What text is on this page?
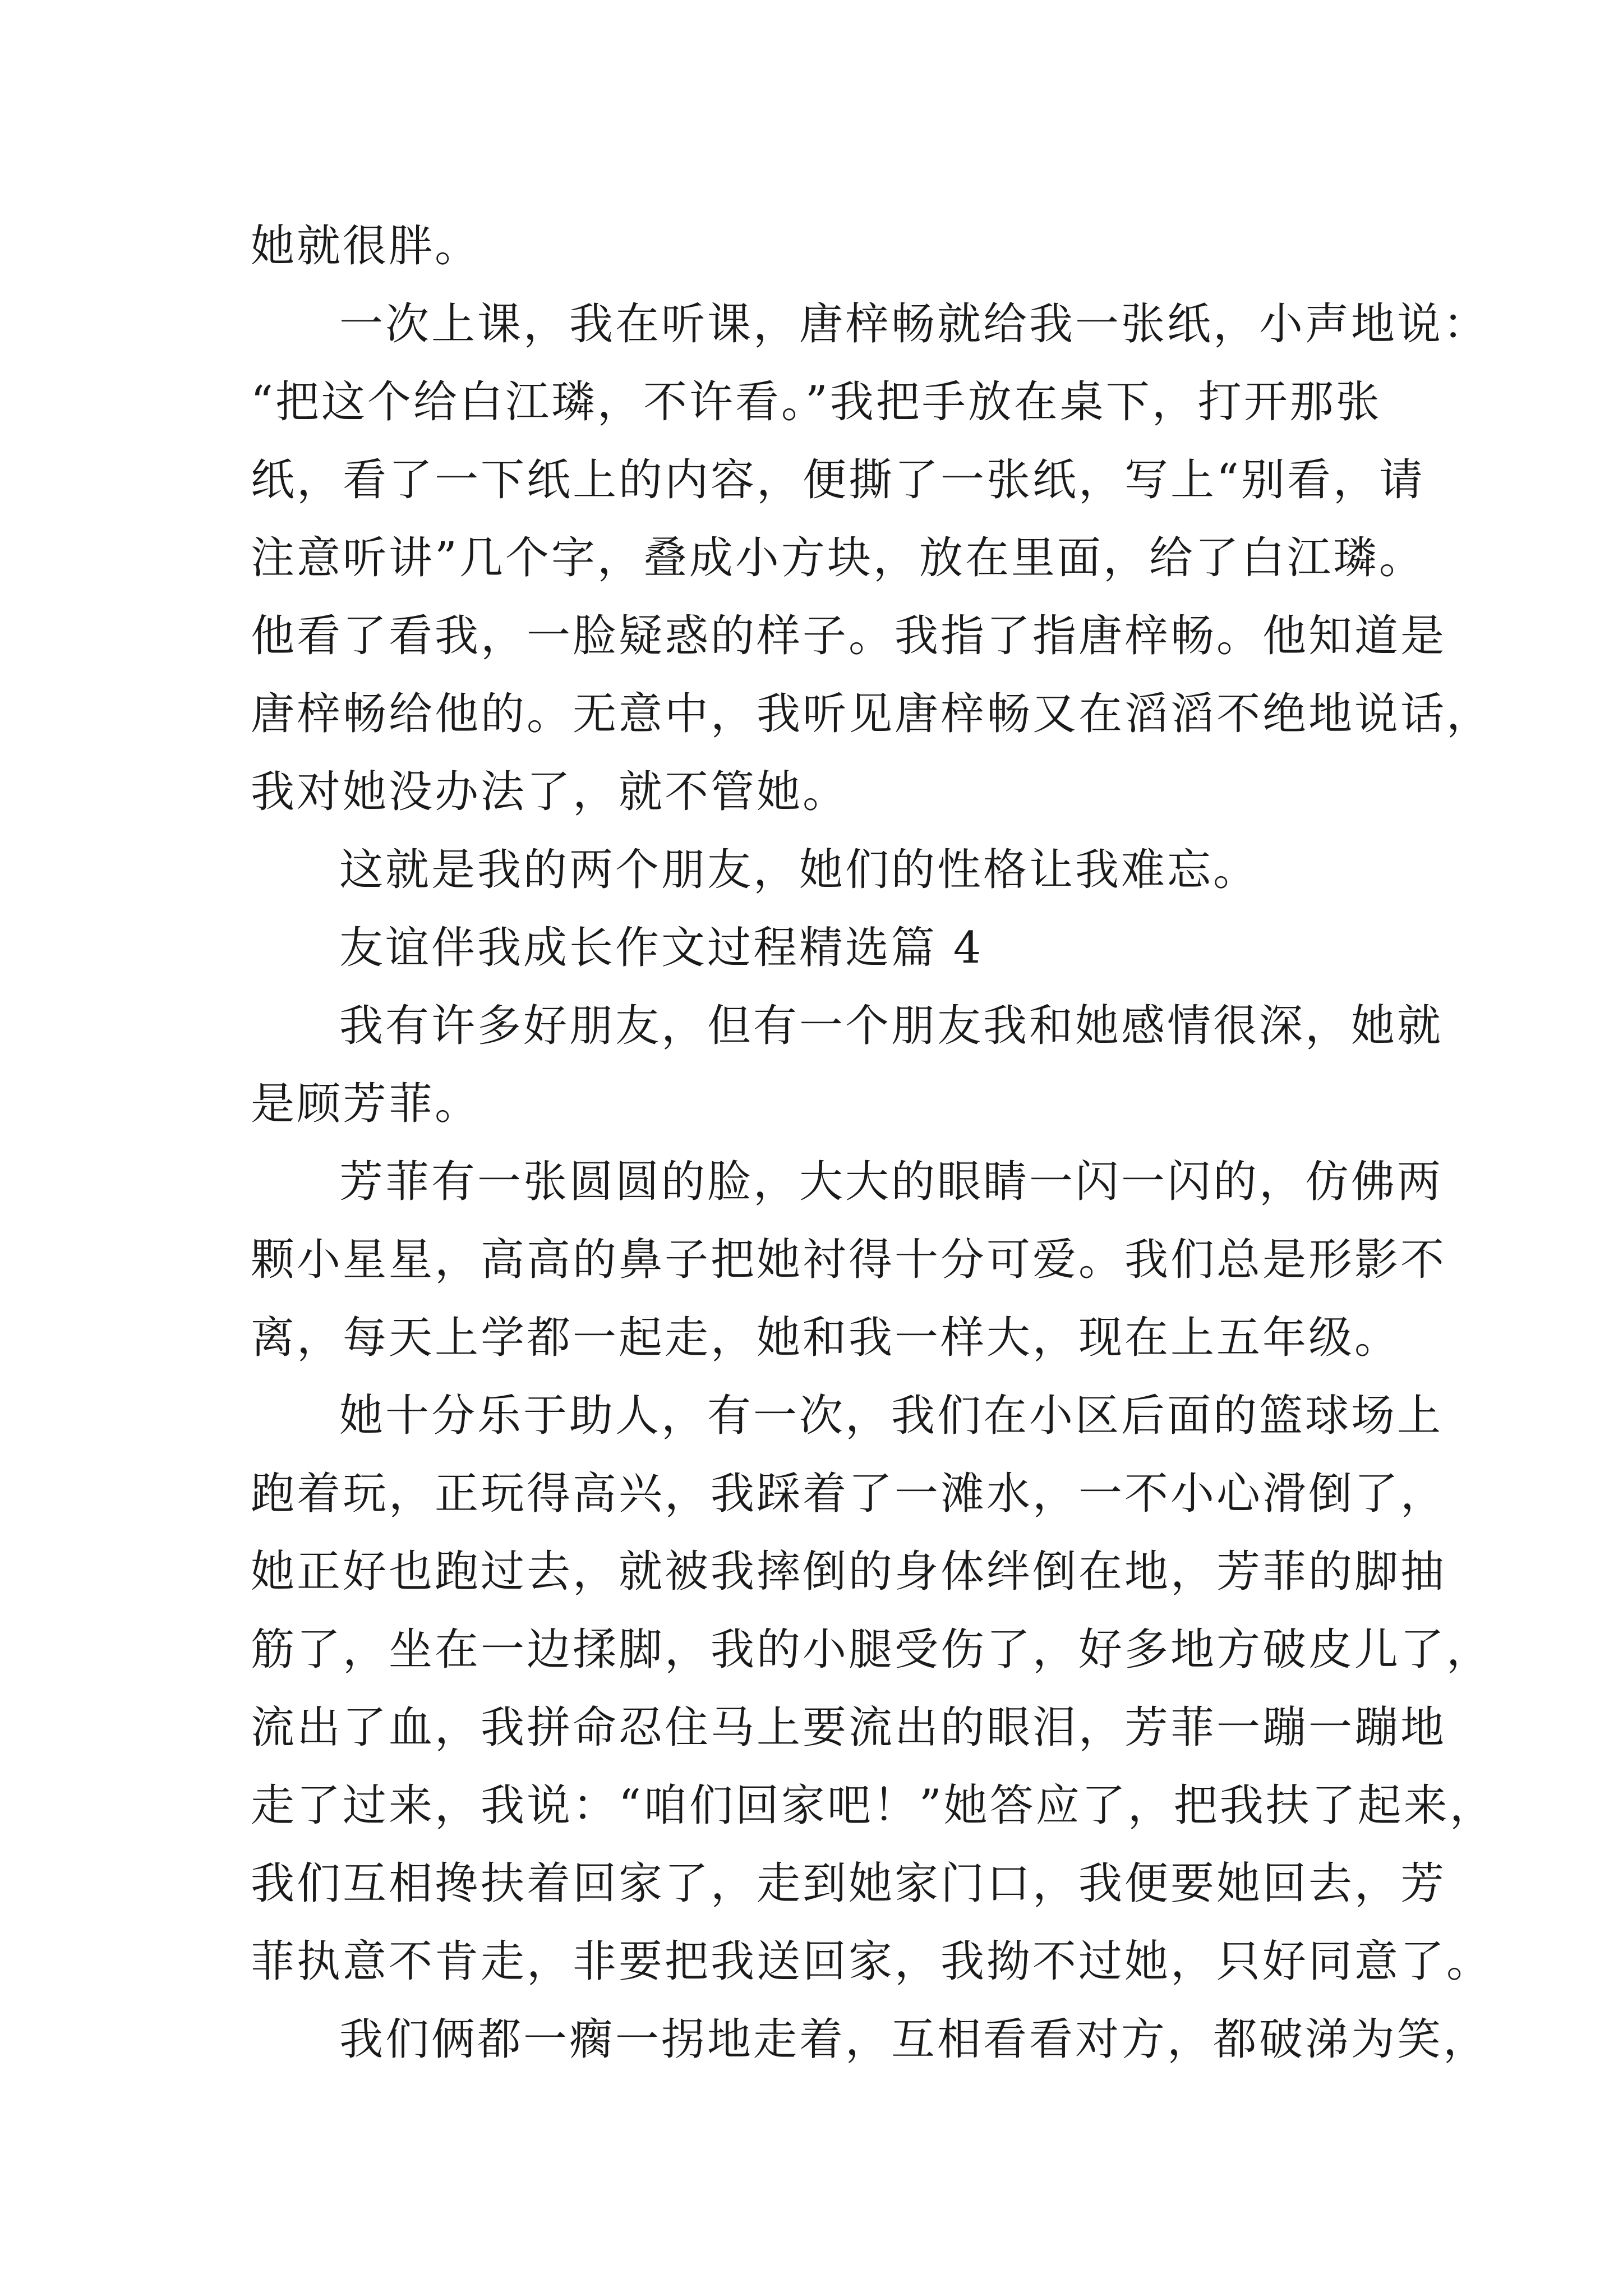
她就很胖。
一次上课，我在听课，唐梓畅就给我一张纸，小声地说：
“把这个给白江璘，不许看。”我把手放在桌下，打开那张
纸，看了一下纸上的内容，便撕了一张纸，写上“别看，请
注意听讲”几个字，叠成小方块，放在里面，给了白江璘。
他看了看我，一脸疑惑的样子。我指了指唐梓畅。他知道是
唐梓畅给他的。无意中，我听见唐梓畅又在滔滔不绝地说话，
我对她没办法了，就不管她。
这就是我的两个朋友，她们的性格让我难忘。
友谊伴我成长作文过程精选篇 4
我有许多好朋友，但有一个朋友我和她感情很深，她就
是顾芳菲。
芳菲有一张圆圆的脸，大大的眼睛一闪一闪的，仿佛两
颗小星星，高高的鼻子把她衬得十分可爱。我们总是形影不
离，每天上学都一起走，她和我一样大，现在上五年级。
她十分乐于助人，有一次，我们在小区后面的篮球场上
跑着玩，正玩得高兴，我踩着了一滩水，一不小心滑倒了，
她正好也跑过去，就被我摔倒的身体绊倒在地，芳菲的脚抽
筋了，坐在一边揉脚，我的小腿受伤了，好多地方破皮儿了，
流出了血，我拼命忍住马上要流出的眼泪，芳菲一蹦一蹦地
走了过来，我说：“咱们回家吧！”她答应了，把我扶了起来，
我们互相搀扶着回家了，走到她家门口，我便要她回去，芳
菲执意不肯走，非要把我送回家，我拗不过她，只好同意了。
我们俩都一瘸一拐地走着，互相看看对方，都破涕为笑，
